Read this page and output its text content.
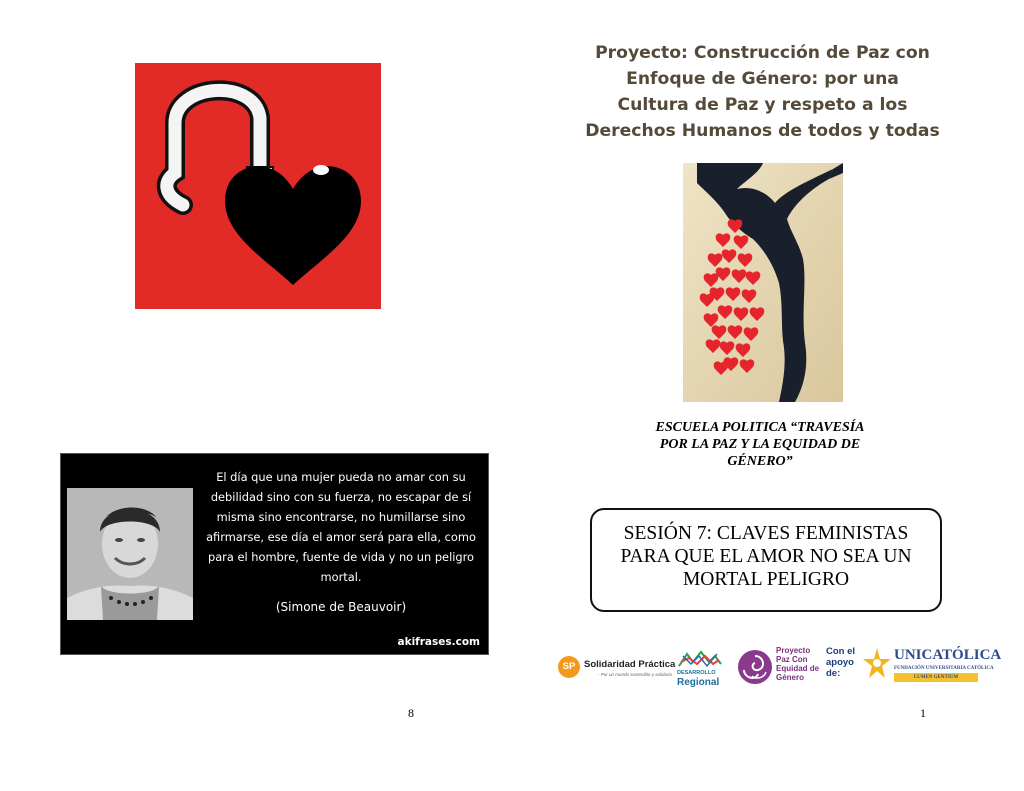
El día que una mujer pueda no amar con su
debilidad sino con su fuerza, no escapar de sí
misma sino encontrarse, no humillarse sino
afirmarse, ese día el amor será para ella, como
para el hombre, fuente de vida y no un peligro
mortal.
(Simone de Beauvoir)
akifrases.com
8
Proyecto: Construcción de Paz con
Enfoque de Género: por una
Cultura de Paz y respeto a los
Derechos Humanos de todos y todas
ESCUELA POLITICA “TRAVESÍA
POR LA PAZ Y LA EQUIDAD DE
GÉNERO”
SESIÓN 7: CLAVES FEMINISTAS
PARA QUE EL AMOR NO SEA UN
MORTAL PELIGRO
SP Solidaridad Práctica
- Por un mundo sostenible y solidario DESARROLLO
Regional
Proyecto
Paz Con
Equidad de
Género
Con el
apoyo
de:
UNICATÓLICA
FUNDACIÓN UNIVERSITARIA CATÓLICA
LUMEN GENTIUM
1
